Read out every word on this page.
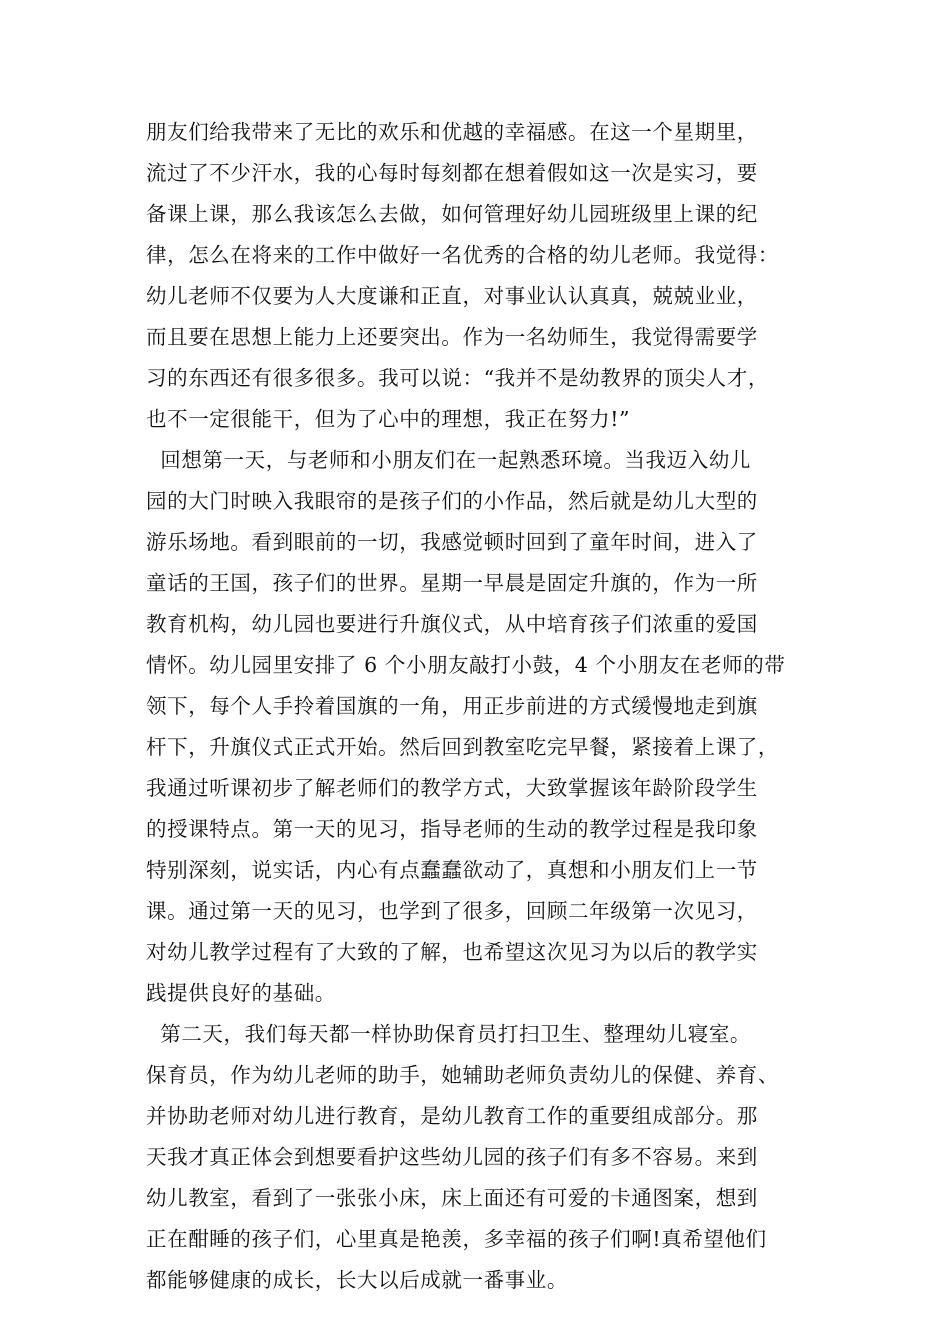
朋友们给我带来了无比的欢乐和优越的幸福感。在这一个星期里，
流过了不少汗水，我的心每时每刻都在想着假如这一次是实习，要
备课上课，那么我该怎么去做，如何管理好幼儿园班级里上课的纪
律，怎么在将来的工作中做好一名优秀的合格的幼儿老师。我觉得：
幼儿老师不仅要为人大度谦和正直，对事业认认真真，兢兢业业，
而且要在思想上能力上还要突出。作为一名幼师生，我觉得需要学
习的东西还有很多很多。我可以说：“我并不是幼教界的顶尖人才，
也不一定很能干，但为了心中的理想，我正在努力!”
回想第一天，与老师和小朋友们在一起熟悉环境。当我迈入幼儿
园的大门时映入我眼帘的是孩子们的小作品，然后就是幼儿大型的
游乐场地。看到眼前的一切，我感觉顿时回到了童年时间，进入了
童话的王国，孩子们的世界。星期一早晨是固定升旗的，作为一所
教育机构，幼儿园也要进行升旗仪式，从中培育孩子们浓重的爱国
情怀。幼儿园里安排了 6 个小朋友敲打小鼓，4 个小朋友在老师的带
领下，每个人手拎着国旗的一角，用正步前进的方式缓慢地走到旗
杆下，升旗仪式正式开始。然后回到教室吃完早餐，紧接着上课了，
我通过听课初步了解老师们的教学方式，大致掌握该年龄阶段学生
的授课特点。第一天的见习，指导老师的生动的教学过程是我印象
特别深刻，说实话，内心有点蠢蠢欲动了，真想和小朋友们上一节
课。通过第一天的见习，也学到了很多，回顾二年级第一次见习，
对幼儿教学过程有了大致的了解，也希望这次见习为以后的教学实
践提供良好的基础。
第二天，我们每天都一样协助保育员打扫卫生、整理幼儿寝室。
保育员，作为幼儿老师的助手，她辅助老师负责幼儿的保健、养育、
并协助老师对幼儿进行教育，是幼儿教育工作的重要组成部分。那
天我才真正体会到想要看护这些幼儿园的孩子们有多不容易。来到
幼儿教室，看到了一张张小床，床上面还有可爱的卡通图案，想到
正在酣睡的孩子们，心里真是艳羡，多幸福的孩子们啊!真希望他们
都能够健康的成长，长大以后成就一番事业。
